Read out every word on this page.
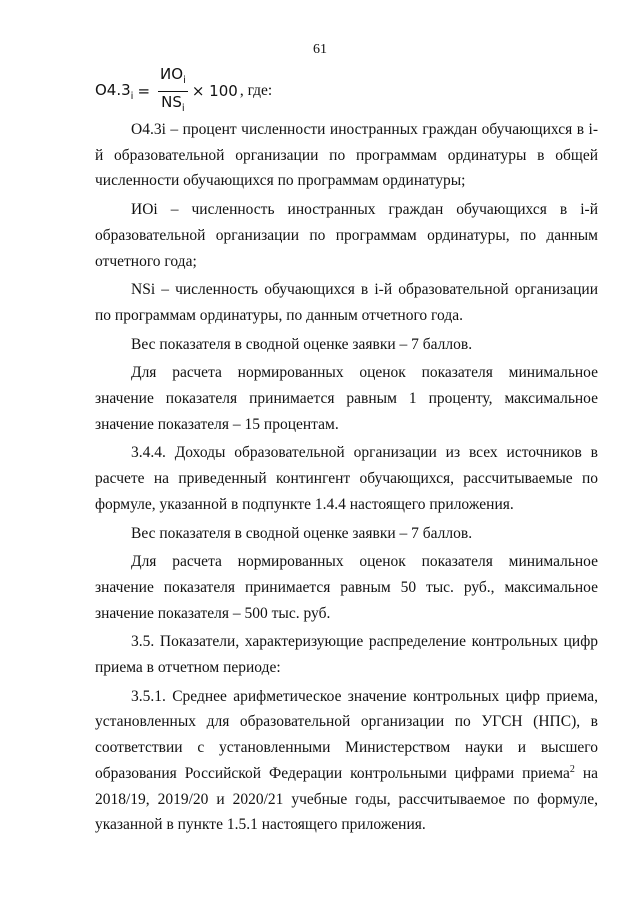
61
$O4.3_i = \frac{ИО_i}{NS_i} \times 100$ , где:

O4.3i – процент численности иностранных граждан обучающихся в i-й образовательной организации по программам ординатуры в общей численности обучающихся по программам ординатуры;

ИОi – численность иностранных граждан обучающихся в i-й образовательной организации по программам ординатуры, по данным отчетного года;

NSi – численность обучающихся в i-й образовательной организации по программам ординатуры, по данным отчетного года.

Вес показателя в сводной оценке заявки – 7 баллов.

Для расчета нормированных оценок показателя минимальное значение показателя принимается равным 1 проценту, максимальное значение показателя – 15 процентам.

3.4.4. Доходы образовательной организации из всех источников в расчете на приведенный контингент обучающихся, рассчитываемые по формуле, указанной в подпункте 1.4.4 настоящего приложения.

Вес показателя в сводной оценке заявки – 7 баллов.

Для расчета нормированных оценок показателя минимальное значение показателя принимается равным 50 тыс. руб., максимальное значение показателя – 500 тыс. руб.

3.5. Показатели, характеризующие распределение контрольных цифр приема в отчетном периоде:

3.5.1. Среднее арифметическое значение контрольных цифр приема, установленных для образовательной организации по УГСН (НПС), в соответствии с установленными Министерством науки и высшего образования Российской Федерации контрольными цифрами приема$^2$ на 2018/19, 2019/20 и 2020/21 учебные годы, рассчитываемое по формуле, указанной в пункте 1.5.1 настоящего приложения.
